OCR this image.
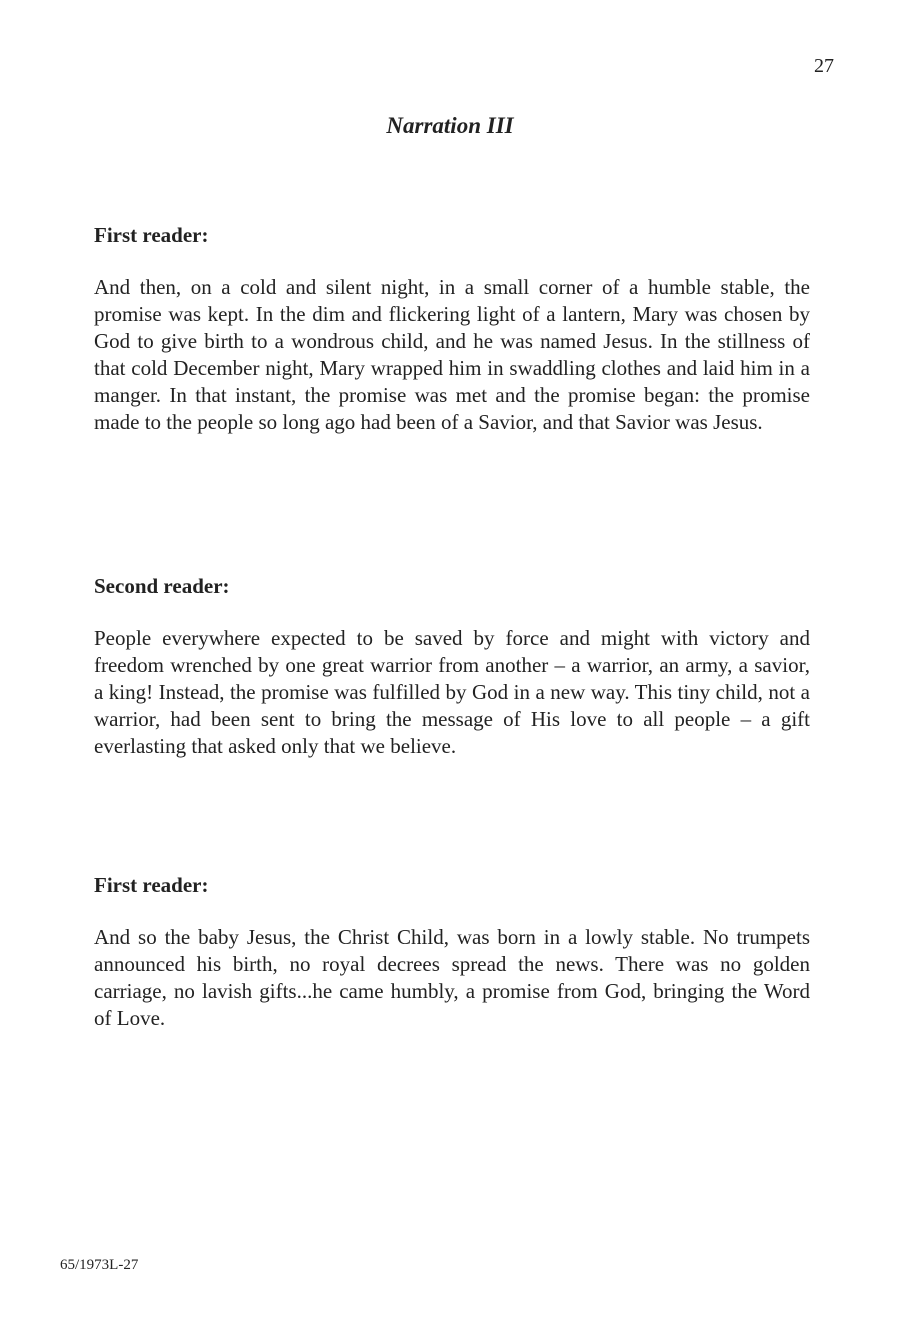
27
Narration III

First reader:

And then, on a cold and silent night, in a small corner of a humble stable, the promise was kept. In the dim and flickering light of a lantern, Mary was chosen by God to give birth to a wondrous child, and he was named Jesus. In the stillness of that cold December night, Mary wrapped him in swaddling clothes and laid him in a manger. In that instant, the promise was met and the promise began: the promise made to the people so long ago had been of a Savior, and that Savior was Jesus.

Second reader:

People everywhere expected to be saved by force and might with victory and freedom wrenched by one great warrior from another – a warrior, an army, a savior, a king! Instead, the promise was fulfilled by God in a new way. This tiny child, not a warrior, had been sent to bring the message of His love to all people – a gift everlasting that asked only that we believe.

First reader:

And so the baby Jesus, the Christ Child, was born in a lowly stable. No trumpets announced his birth, no royal decrees spread the news. There was no golden carriage, no lavish gifts...he came humbly, a promise from God, bringing the Word of Love.

65/1973L-27
